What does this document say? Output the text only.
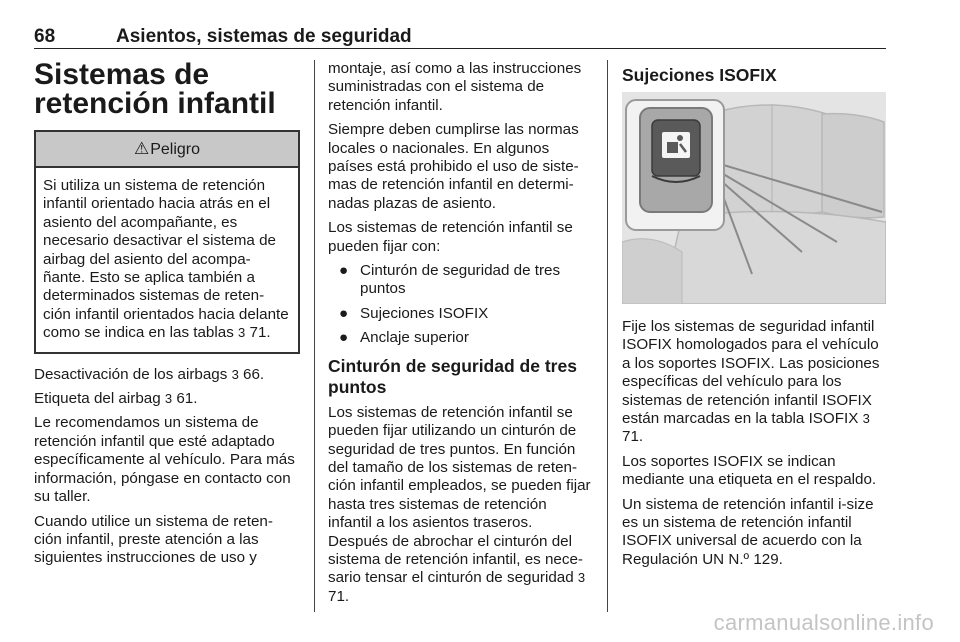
68	Asientos, sistemas de seguridad
Sistemas de retención infantil
⚠Peligro
Si utiliza un sistema de retención infantil orientado hacia atrás en el asiento del acompañante, es necesario desactivar el sistema de airbag del asiento del acompa-ñante. Esto se aplica también a determinados sistemas de reten-ción infantil orientados hacia delante como se indica en las tablas 3 71.

Desactivación de los airbags 3 66.

Etiqueta del airbag 3 61.

Le recomendamos un sistema de retención infantil que esté adaptado específicamente al vehículo. Para más información, póngase en contacto con su taller.

Cuando utilice un sistema de reten-ción infantil, preste atención a las siguientes instrucciones de uso y

montaje, así como a las instrucciones suministradas con el sistema de retención infantil.

Siempre deben cumplirse las normas locales o nacionales. En algunos países está prohibido el uso de siste-mas de retención infantil en determi-nadas plazas de asiento.

Los sistemas de retención infantil se pueden fijar con:

● Cinturón de seguridad de tres puntos
● Sujeciones ISOFIX
● Anclaje superior
Cinturón de seguridad de tres puntos

Los sistemas de retención infantil se pueden fijar utilizando un cinturón de seguridad de tres puntos. En función del tamaño de los sistemas de reten-ción infantil empleados, se pueden fijar hasta tres sistemas de retención infantil a los asientos traseros. Después de abrochar el cinturón del sistema de retención infantil, es nece-sario tensar el cinturón de seguridad 3 71.

Sujeciones ISOFIX

Fije los sistemas de seguridad infantil ISOFIX homologados para el vehículo a los soportes ISOFIX. Las posiciones específicas del vehículo para los sistemas de retención infantil ISOFIX están marcadas en la tabla ISOFIX 3 71.

Los soportes ISOFIX se indican mediante una etiqueta en el respaldo.

Un sistema de retención infantil i-size es un sistema de retención infantil ISOFIX universal de acuerdo con la Regulación UN N.º 129.

carmanualsonline.info
